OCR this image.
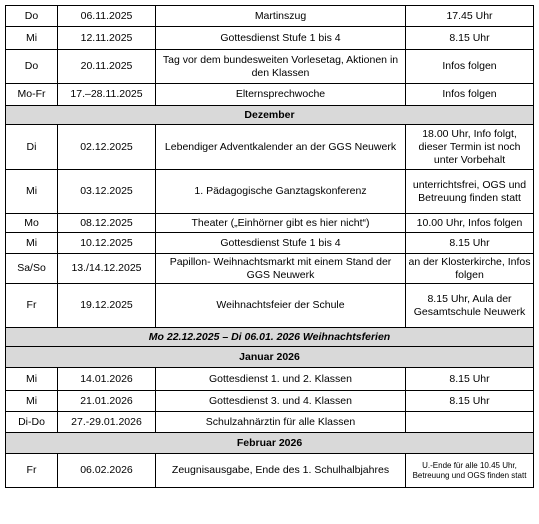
Do	06.11.2025	Martinszug	17.45 Uhr
Mi	12.11.2025	Gottesdienst Stufe 1 bis 4	8.15 Uhr
Do	20.11.2025	Tag vor dem bundesweiten Vorlesetag, Aktionen in den Klassen	Infos folgen
Mo-Fr	17.–28.11.2025	Elternsprechwoche	Infos folgen
Dezember			
Di	02.12.2025	Lebendiger Adventkalender an der GGS Neuwerk	18.00 Uhr, Info folgt, dieser Termin ist noch unter Vorbehalt
Mi	03.12.2025	1. Pädagogische Ganztagskonferenz	unterrichtsfrei, OGS und Betreuung finden statt
Mo	08.12.2025	Theater („Einhörner gibt es hier nicht“)	10.00 Uhr, Infos folgen
Mi	10.12.2025	Gottesdienst Stufe 1 bis 4	8.15 Uhr
Sa/So	13./14.12.2025	Papillon- Weihnachtsmarkt mit einem Stand der GGS Neuwerk	an der Klosterkirche, Infos folgen
Fr	19.12.2025	Weihnachtsfeier der Schule	8.15 Uhr, Aula der Gesamtschule Neuwerk
Mo 22.12.2025 – Di 06.01. 2026 Weihnachtsferien			
Januar 2026			
Mi	14.01.2026	Gottesdienst 1. und 2. Klassen	8.15 Uhr
Mi	21.01.2026	Gottesdienst 3. und 4. Klassen	8.15 Uhr
Di-Do	27.-29.01.2026	Schulzahnärztin für alle Klassen	
Februar 2026			
Fr	06.02.2026	Zeugnisausgabe, Ende des 1. Schulhalbjahres	U.-Ende für alle 10.45 Uhr, Betreuung und OGS finden statt
